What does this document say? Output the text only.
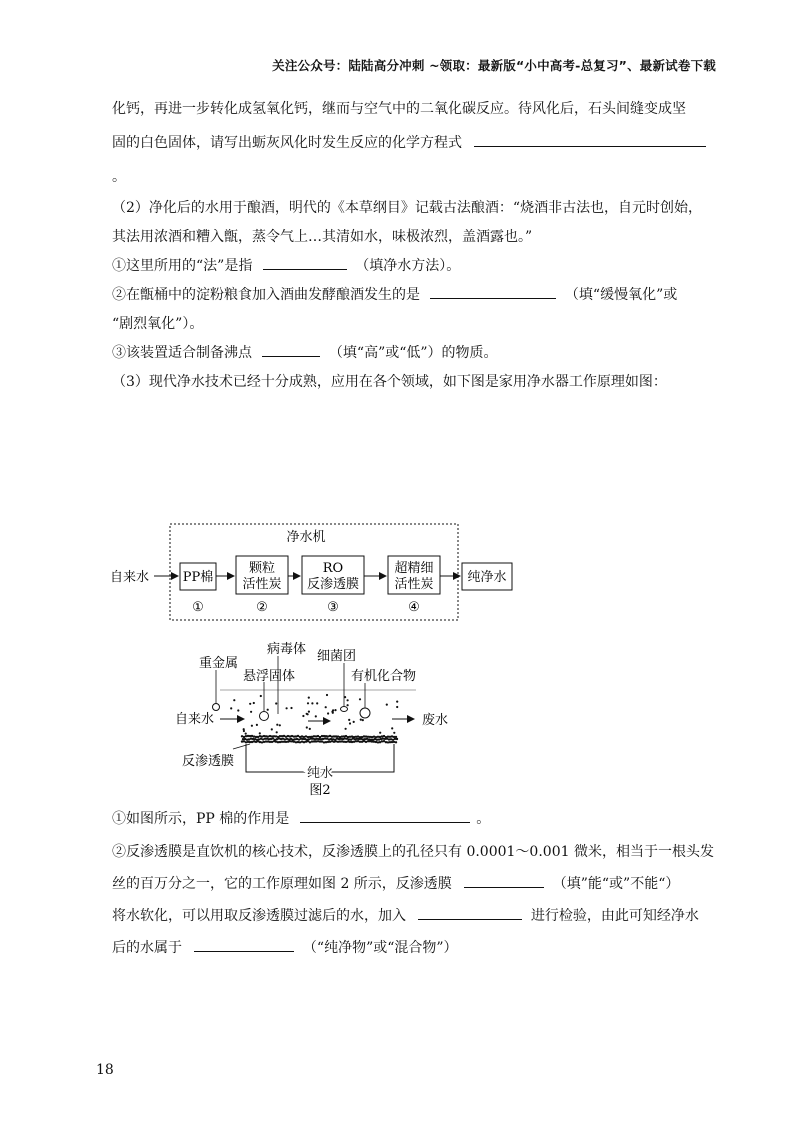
关注公众号：陆陆高分冲刺 ~领取：最新版“小中高考-总复习”、最新试卷下载
化钙，再进一步转化成氢氧化钙，继而与空气中的二氧化碳反应。待风化后，石头间缝变成坚
固的白色固体，请写出蛎灰风化时发生反应的化学方程式
。
（2）净化后的水用于酿酒，明代的《本草纲目》记载古法酿酒：“烧酒非古法也，自元时创始，
其法用浓酒和糟入甑，蒸令气上…其清如水，味极浓烈，盖酒露也。”
①这里所用的“法”是指	（填净水方法）。
②在甑桶中的淀粉粮食加入酒曲发酵酿酒发生的是	（填“缓慢氧化”或
“剧烈氧化”）。
③该装置适合制备沸点	（填“高”或“低”）的物质。
（3）现代净水技术已经十分成熟，应用在各个领域，如下图是家用净水器工作原理如图：
净水机
自来水	PP棉
①
颗粒
活性炭
②
RO
反渗透膜
③
超精细
活性炭
④
纯净水
重金属
病毒体 细菌团
悬浮固体	有机化合物
自来水	废水
反渗透膜
纯水
图2
①如图所示，PP 棉的作用是	。
②反渗透膜是直饮机的核心技术，反渗透膜上的孔径只有 0.0001～0.001 微米，相当于一根头发
丝的百万分之一，它的工作原理如图 2 所示，反渗透膜	（填”能“或”不能“）
将水软化，可以用取反渗透膜过滤后的水，加入	进行检验，由此可知经净水
后的水属于	（“纯净物”或“混合物”）
18
